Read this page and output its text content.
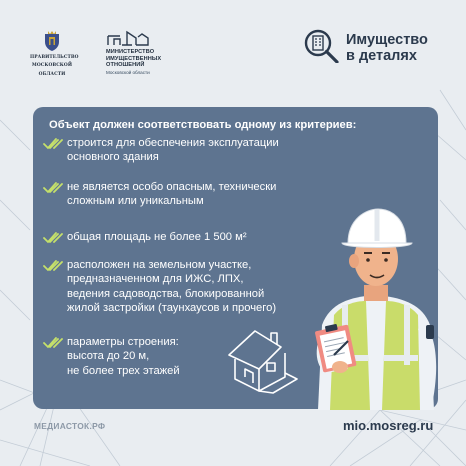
ПРАВИТЕЛЬСТВО
МОСКОВСКОЙ
ОБЛАСТИ
МИНИСТЕРСТВО
ИМУЩЕСТВЕННЫХ
ОТНОШЕНИЙ
Московской области
Имущество
в деталях
Объект должен соответствовать одному из критериев:
строится для обеспечения эксплуатации
основного здания
не является особо опасным, технически
сложным или уникальным
общая площадь не более 1 500 м²
расположен на земельном участке,
предназначенном для ИЖС, ЛПХ,
ведения садоводства, блокированной
жилой застройки (таунхаусов и прочего)
параметры строения:
высота до 20 м,
не более трех этажей
МЕДИАСТОК.РФ	mio.mosreg.ru
